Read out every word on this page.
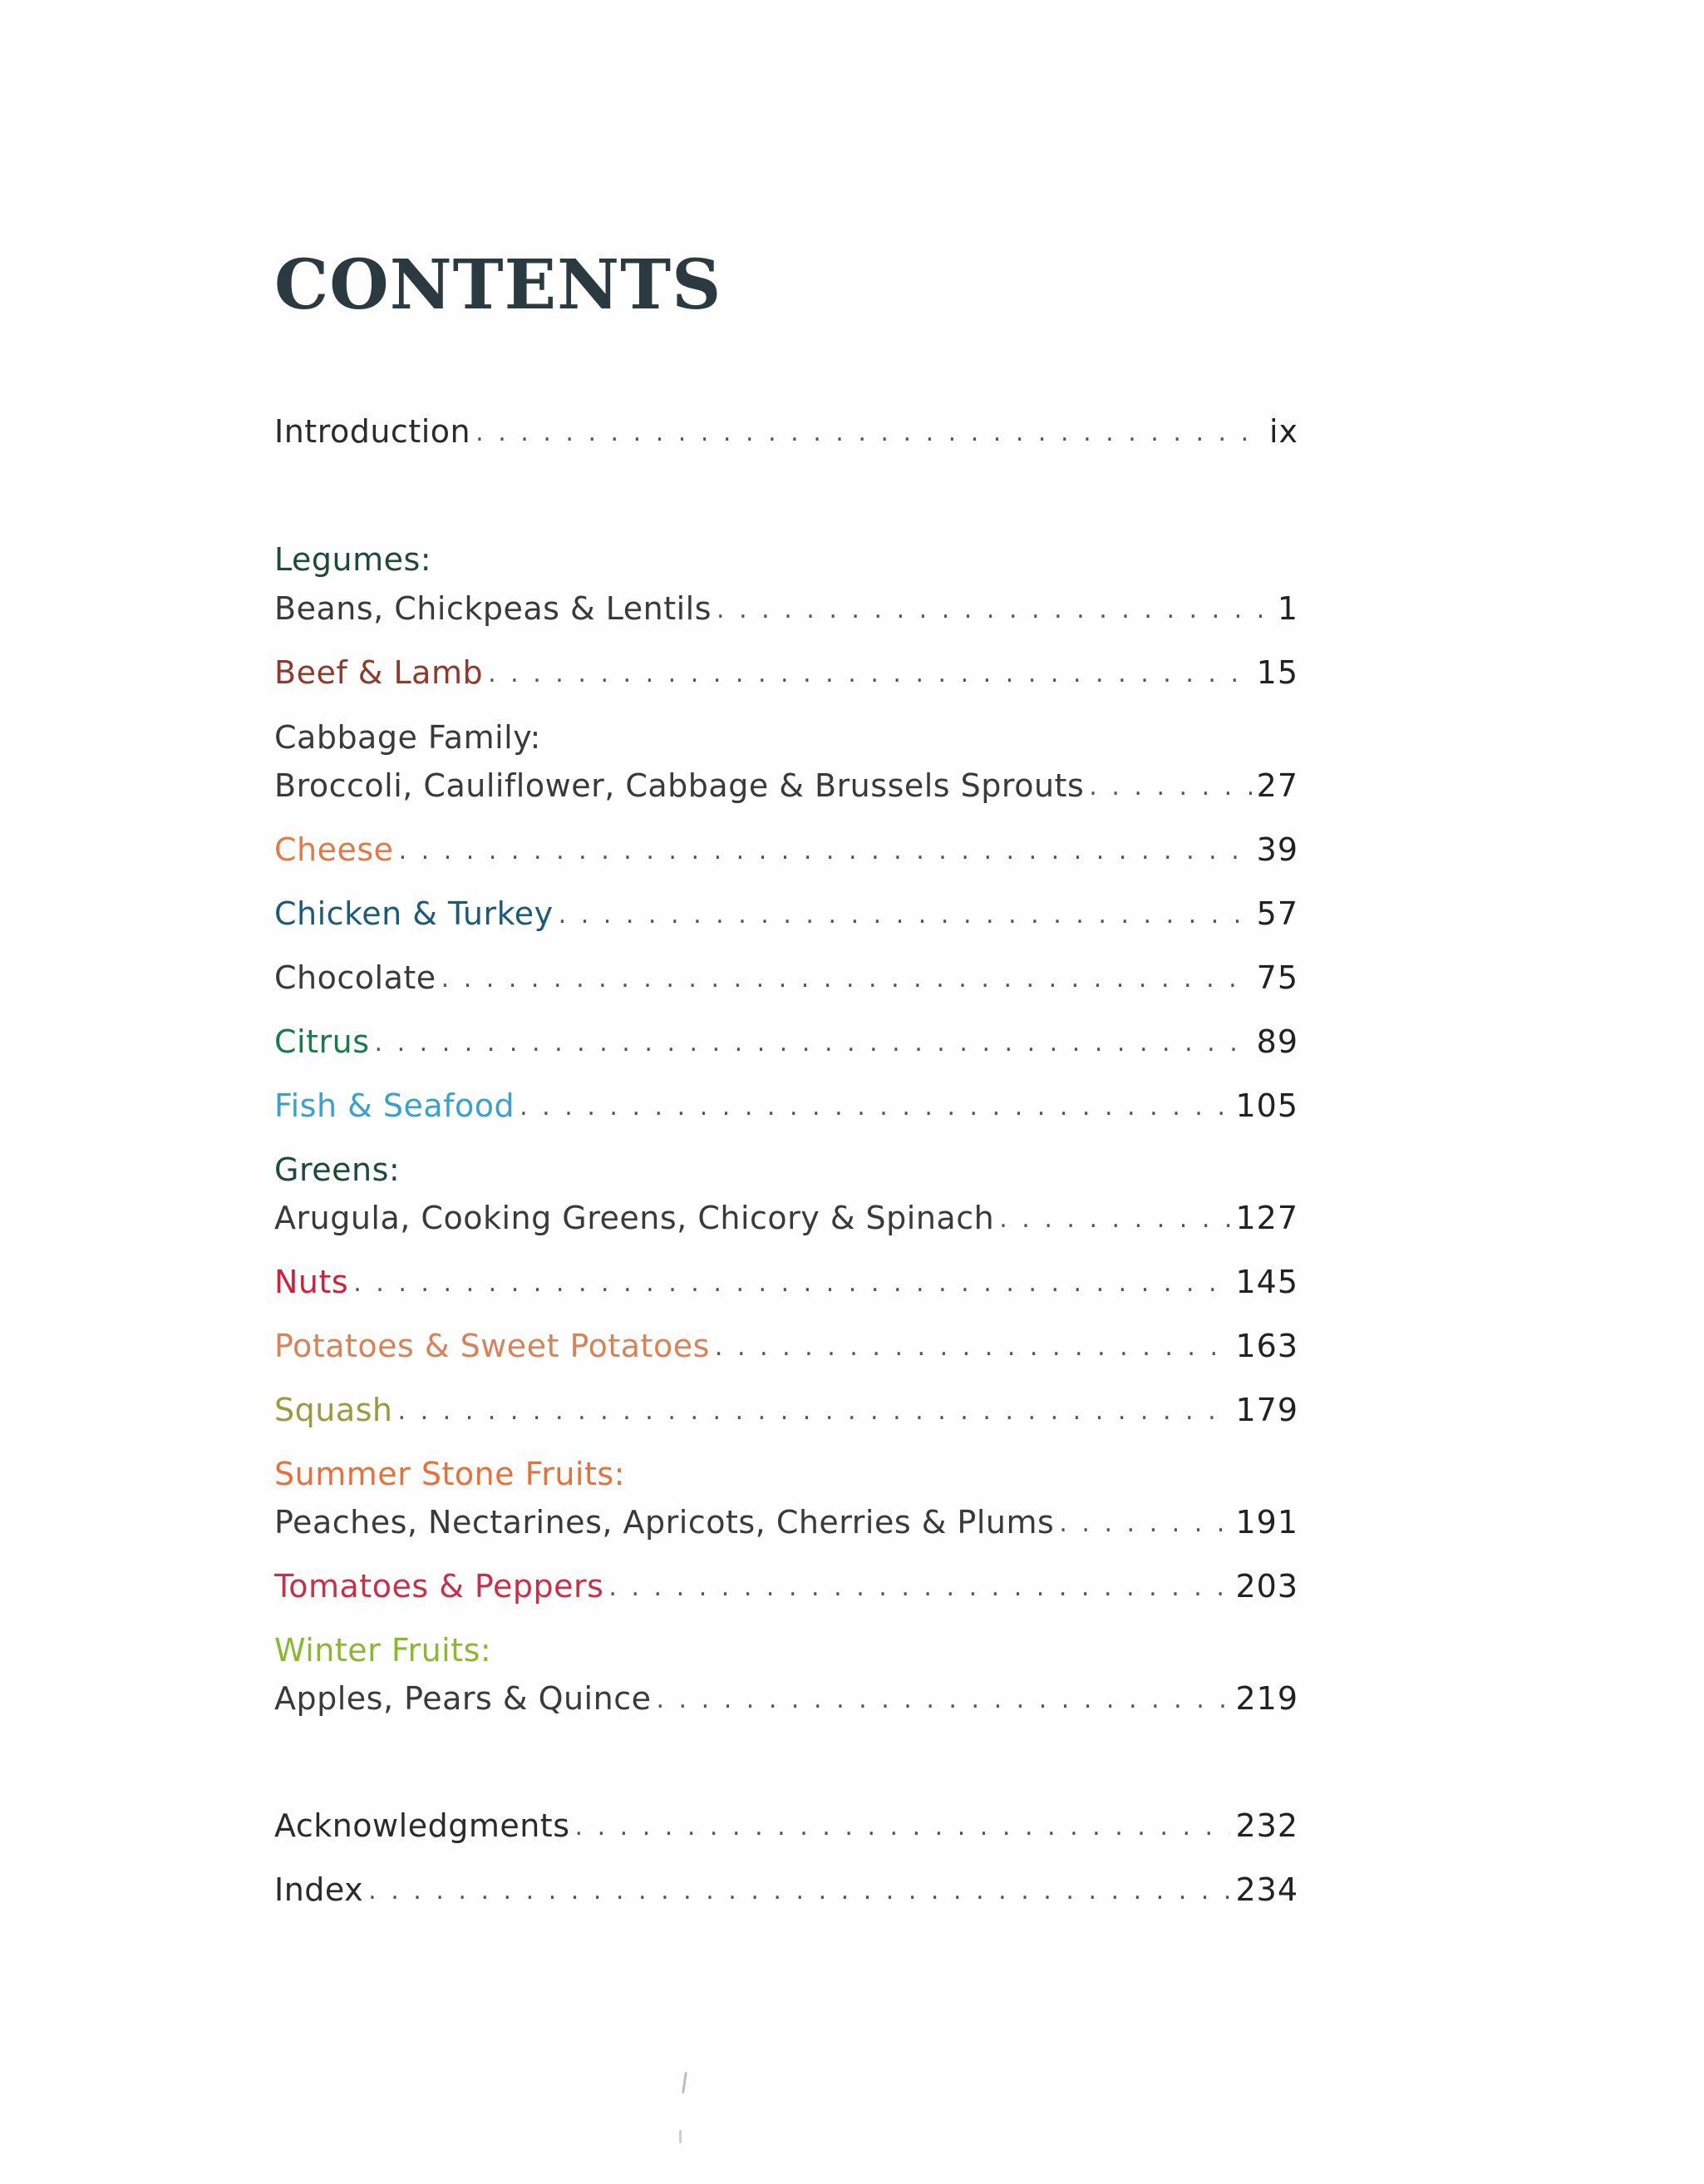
CONTENTS
Introduction . . .	ix
Legumes:
Beans, Chickpeas & Lentils . . .	1
Beef & Lamb . . .	15
Cabbage Family:
Broccoli, Cauliflower, Cabbage & Brussels Sprouts . . .	27
Cheese . . .	39
Chicken & Turkey . . .	57
Chocolate . . .	75
Citrus . . .	89
Fish & Seafood . . .	105
Greens:
Arugula, Cooking Greens, Chicory & Spinach . . .	127
Nuts . . .	145
Potatoes & Sweet Potatoes . . .	163
Squash . . .	179
Summer Stone Fruits:
Peaches, Nectarines, Apricots, Cherries & Plums . . .	191
Tomatoes & Peppers . . .	203
Winter Fruits:
Apples, Pears & Quince . . .	219
Acknowledgments . . .	232
Index . . .	234
